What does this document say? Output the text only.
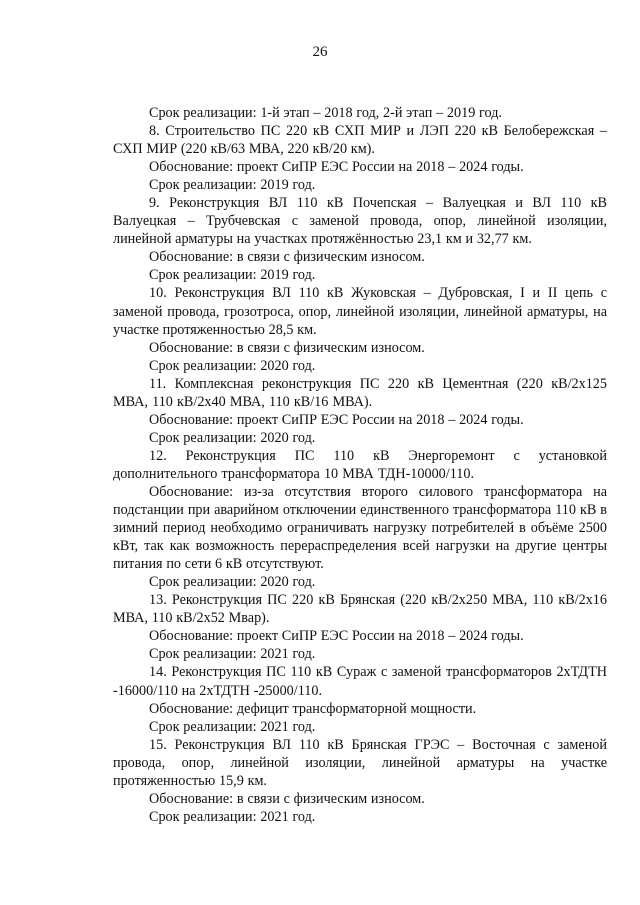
26

Срок реализации: 1-й этап – 2018 год, 2-й этап – 2019 год.

8. Строительство ПС 220 кВ СХП МИР и ЛЭП 220 кВ Белобережская – СХП МИР (220 кВ/63 МВА, 220 кВ/20 км).

Обоснование: проект СиПР ЕЭС России на 2018 – 2024 годы.

Срок реализации: 2019 год.

9. Реконструкция ВЛ 110 кВ Почепская – Валуецкая и ВЛ 110 кВ Валуецкая – Трубчевская с заменой провода, опор, линейной изоляции, линейной арматуры на участках протяжённостью 23,1 км и 32,77 км.

Обоснование: в связи с физическим износом.

Срок реализации: 2019 год.

10. Реконструкция ВЛ 110 кВ Жуковская – Дубровская, I и II цепь с заменой провода, грозотроса, опор, линейной изоляции, линейной арматуры, на участке протяженностью 28,5 км.

Обоснование: в связи с физическим износом.

Срок реализации: 2020 год.

11. Комплексная реконструкция ПС 220 кВ Цементная (220 кВ/2х125 МВА, 110 кВ/2х40 МВА, 110 кВ/16 МВА).

Обоснование: проект СиПР ЕЭС России на 2018 – 2024 годы.

Срок реализации: 2020 год.

12. Реконструкция ПС 110 кВ Энергоремонт с установкой дополнительного трансформатора 10 МВА ТДН-10000/110.

Обоснование: из-за отсутствия второго силового трансформатора на подстанции при аварийном отключении единственного трансформатора 110 кВ в зимний период необходимо ограничивать нагрузку потребителей в объёме 2500 кВт, так как возможность перераспределения всей нагрузки на другие центры питания по сети 6 кВ отсутствуют.

Срок реализации: 2020 год.

13. Реконструкция ПС 220 кВ Брянская (220 кВ/2х250 МВА, 110 кВ/2х16 МВА, 110 кВ/2х52 Мвар).

Обоснование: проект СиПР ЕЭС России на 2018 – 2024 годы.

Срок реализации: 2021 год.

14. Реконструкция ПС 110 кВ Сураж с заменой трансформаторов 2хТДТН -16000/110 на 2хТДТН -25000/110.

Обоснование: дефицит трансформаторной мощности.

Срок реализации: 2021 год.

15. Реконструкция ВЛ 110 кВ Брянская ГРЭС – Восточная с заменой провода, опор, линейной изоляции, линейной арматуры на участке протяженностью 15,9 км.

Обоснование: в связи с физическим износом.

Срок реализации: 2021 год.
